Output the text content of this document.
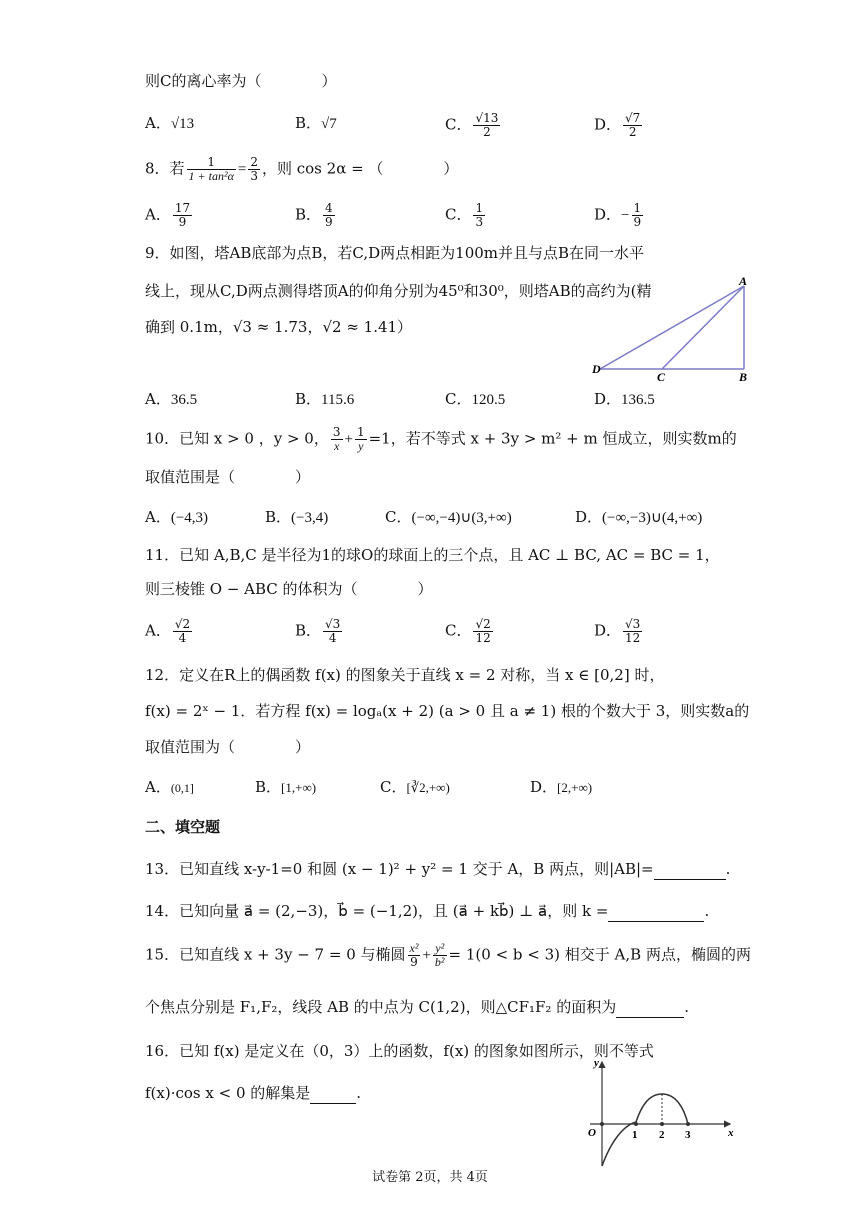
则C的离心率为（　　　　）
A．√13	B．√7	C． $\frac{√13}{2}$	D． $\frac{√7}{2}$
8．若 $\frac{1}{\text{1 + tan²α}} = \frac{2}{3}$ ，则 cos 2α = （　　　　）
A． $\frac{17}{9}$	B． $\frac{4}{9}$	C． $\frac{1}{3}$	D．− $\frac{1}{9}$
9．如图，塔AB底部为点B，若C,D两点相距为100m并且与点B在同一水平
线上，现从C,D两点测得塔顶A的仰角分别为45⁰和30⁰，则塔AB的高约为(精
确到 0.1m，√3 ≈ 1.73，√2 ≈ 1.41）
A
D
C	B
A．36.5	B．115.6	C．120.5	D．136.5
10．已知 x > 0 ，y > 0， $\frac{3}{x} + \frac{1}{y} =1$，若不等式 x + 3y > m² + m 恒成立，则实数m的
取值范围是（　　　　）
A．(−4,3)	B．(−3,4)	C．(−∞,−4)∪(3,+∞)	D．(−∞,−3)∪(4,+∞)
11．已知 A,B,C 是半径为1的球O的球面上的三个点，且 AC ⊥ BC, AC = BC = 1，
则三棱锥 O − ABC 的体积为（　　　　）
A． $\frac{√2}{4}$	B． $\frac{√3}{4}$	C． $\frac{√2}{12}$	D． $\frac{√3}{12}$
12．定义在R上的偶函数 f(x) 的图象关于直线 x = 2 对称，当 x ∈ [0,2] 时，
f(x) = 2ˣ − 1．若方程 f(x) = logₐ(x + 2) (a > 0 且 a ≠ 1) 根的个数大于 3，则实数a的
取值范围为（　　　　）
A．(0,1]	B．[1,+∞)	C．[∛2,+∞)	D．[2,+∞)
二、填空题
13．已知直线 x-y-1=0 和圆 (x − 1)² + y² = 1 交于 A，B 两点，则|AB|=	.
14．已知向量 a⃗ = (2,−3)，b⃗ = (−1,2)，且 (a⃗ + kb⃗) ⊥ a⃗，则 k =	.
15．已知直线 x + 3y − 7 = 0 与椭圆 $\frac{\text{x²}}{9} + \frac{\text{y²}}{\text{b²}} = 1(0 < b < 3)$ 相交于 A,B 两点，椭圆的两
个焦点分别是 F₁,F₂，线段 AB 的中点为 C(1,2)，则△CF₁F₂ 的面积为	.
16．已知 f(x) 是定义在（0，3）上的函数，f(x) 的图象如图所示，则不等式
f(x)·cos x < 0 的解集是	.
y
x
O	1 2 3
试卷第 2页，共 4页
